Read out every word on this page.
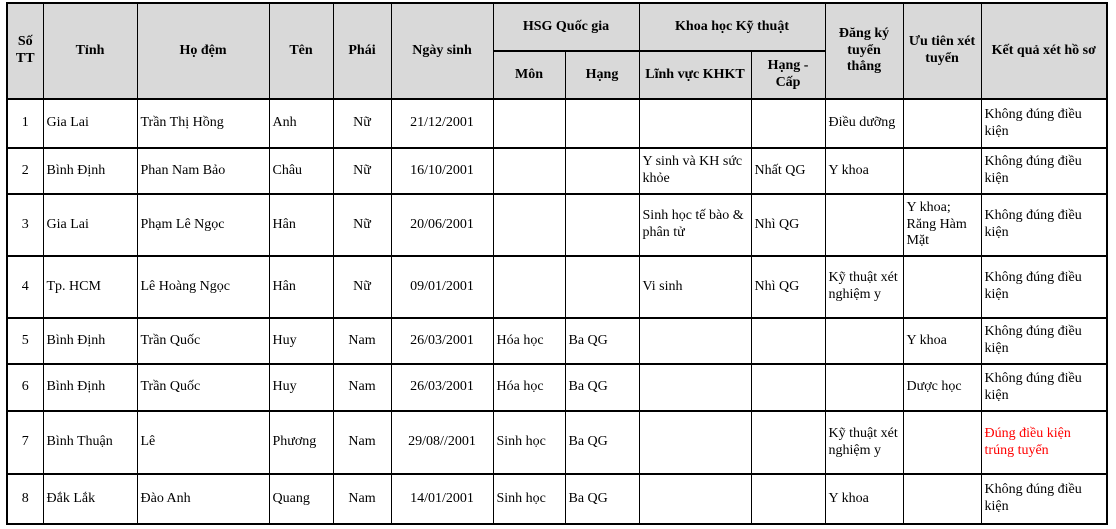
Số TT	Tỉnh	Họ đệm	Tên	Phái	Ngày sinh	HSG Quốc gia		Khoa học Kỹ thuật		Đăng ký tuyển thẳng	Ưu tiên xét tuyển	Kết quả xét hồ sơ
						Môn	Hạng	Lĩnh vực KHKT	Hạng - Cấp			
1	Gia Lai	Trần Thị Hồng	Anh	Nữ	21/12/2001					Điều dưỡng		Không đúng điều kiện
2	Bình Định	Phan Nam Bảo	Châu	Nữ	16/10/2001			Y sinh và KH sức khỏe	Nhất QG	Y khoa		Không đúng điều kiện
3	Gia Lai	Phạm Lê Ngọc	Hân	Nữ	20/06/2001			Sinh học tế bào & phân tử	Nhì QG		Y khoa; Răng Hàm Mặt	Không đúng điều kiện
4	Tp. HCM	Lê Hoàng Ngọc	Hân	Nữ	09/01/2001			Vi sinh	Nhì QG	Kỹ thuật xét nghiệm y		Không đúng điều kiện
5	Bình Định	Trần Quốc	Huy	Nam	26/03/2001	Hóa học	Ba QG				Y khoa	Không đúng điều kiện
6	Bình Định	Trần Quốc	Huy	Nam	26/03/2001	Hóa học	Ba QG				Dược học	Không đúng điều kiện
7	Bình Thuận	Lê	Phương	Nam	29/08//2001	Sinh học	Ba QG			Kỹ thuật xét nghiệm y		Đúng điều kiện trúng tuyển
8	Đắk Lắk	Đào Anh	Quang	Nam	14/01/2001	Sinh học	Ba QG			Y khoa		Không đúng điều kiện
